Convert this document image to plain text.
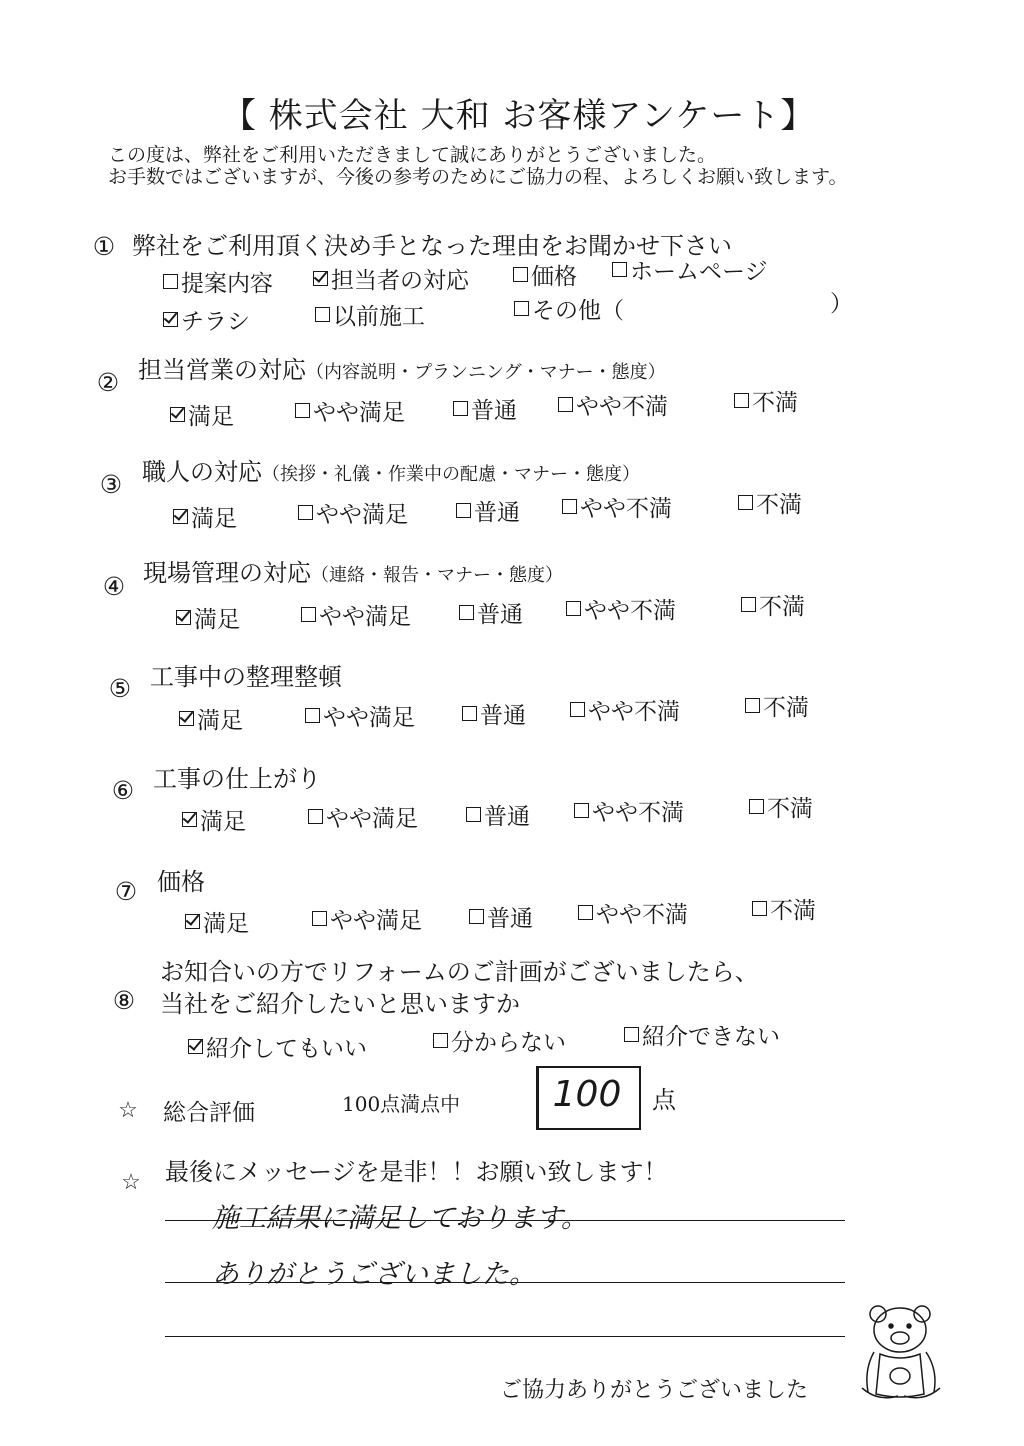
【 株式会社 大和 お客様アンケート】
この度は、弊社をご利用いただきまして誠にありがとうございました。
お手数ではございますが、今後の参考のためにご協力の程、よろしくお願い致します。
① 弊社をご利用頂く決め手となった理由をお聞かせ下さい
提案内容	担当者の対応	価格 ホームページ
チラシ	以前施工	その他（	）
② 担当営業の対応（内容説明・プランニング・マナー・態度）
満足	やや満足	普通	やや不満	不満
③ 職人の対応（挨拶・礼儀・作業中の配慮・マナー・態度）
満足	やや満足	普通	やや不満	不満
④ 現場管理の対応（連絡・報告・マナー・態度）
満足	やや満足	普通	やや不満	不満
⑤ 工事中の整理整頓
満足	やや満足	普通	やや不満	不満
⑥ 工事の仕上がり
満足	やや満足	普通	やや不満	不満
⑦ 価格
満足	やや満足	普通	やや不満	不満
⑧
お知合いの方でリフォームのご計画がございましたら、
当社をご紹介したいと思いますか
紹介してもいい	分からない	紹介できない
☆ 総合評価	100点満点中	100	点
☆ 最後にメッセージを是非！！お願い致します！
施工結果に満足しております。
ありがとうございました。
ご協力ありがとうございました
